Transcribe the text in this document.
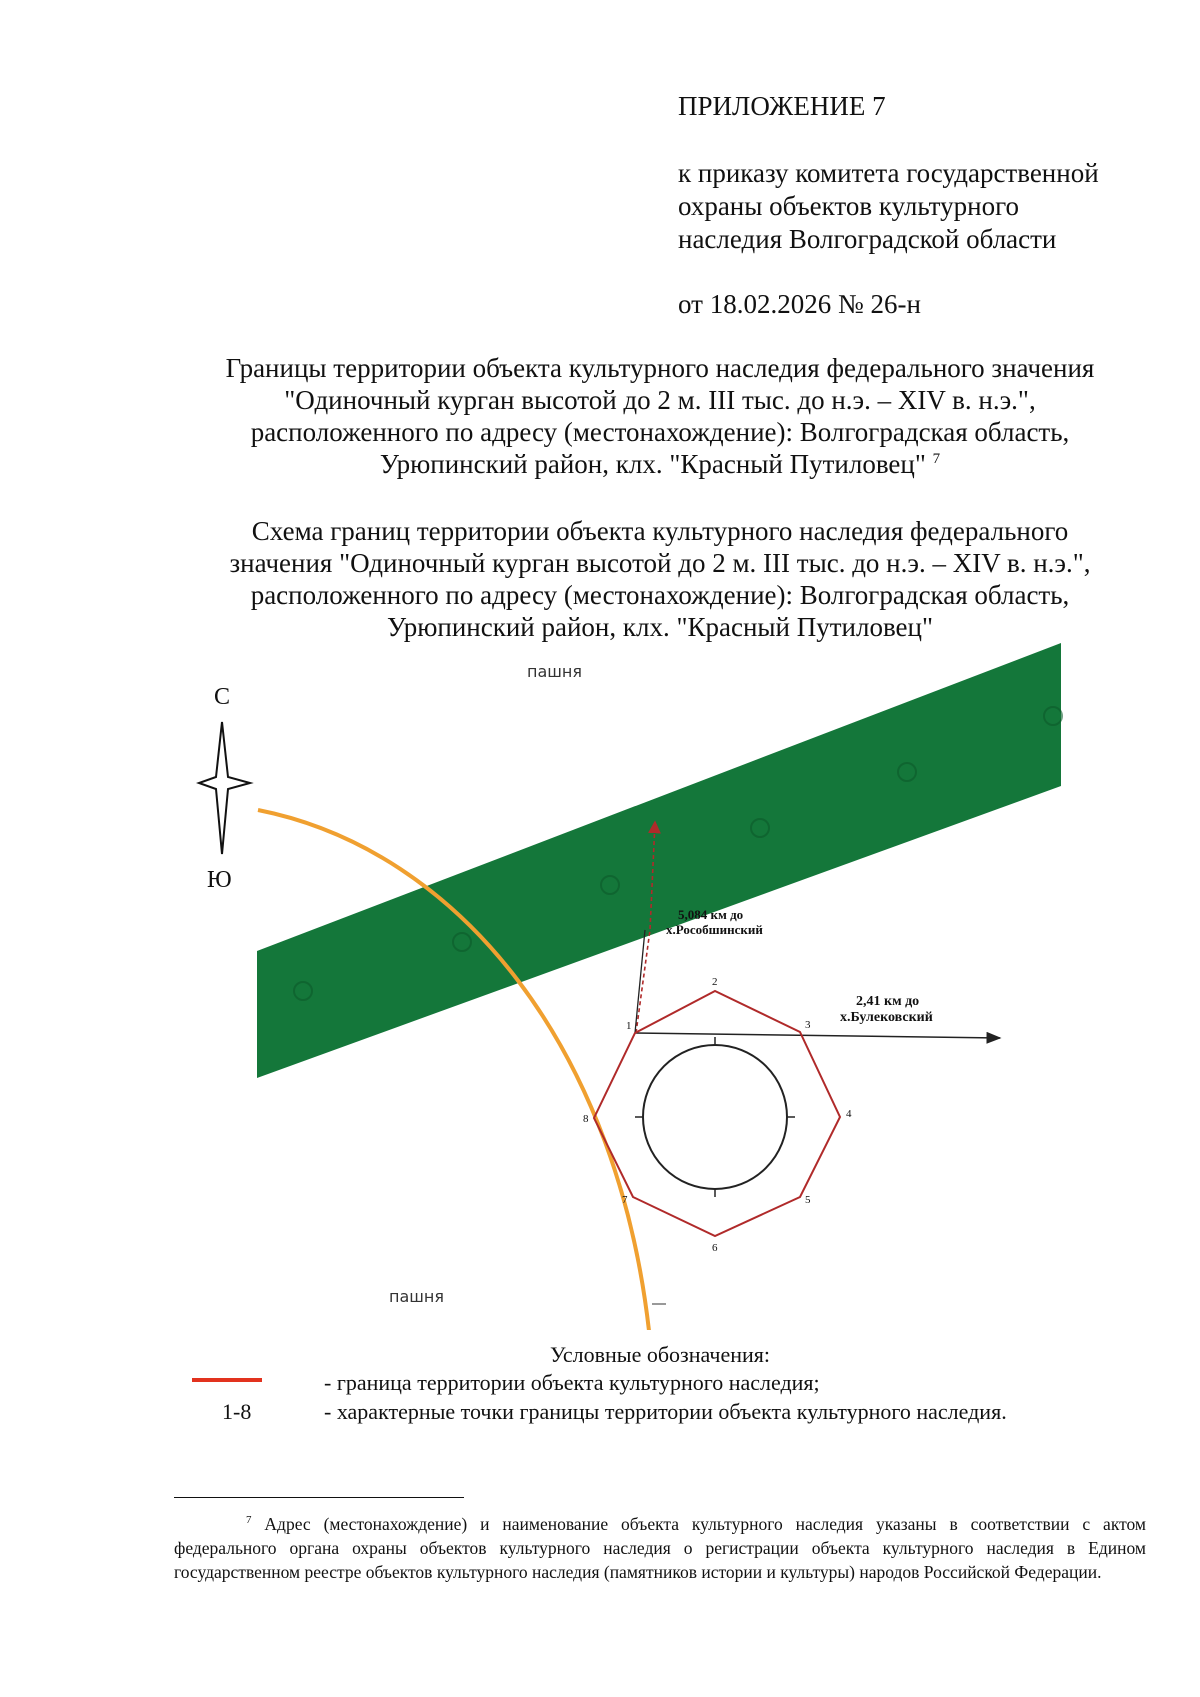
ПРИЛОЖЕНИЕ 7
к приказу комитета государственной
охраны объектов культурного
наследия Волгоградской области
от 18.02.2026 № 26-н
Границы территории объекта культурного наследия федерального значения
"Одиночный курган высотой до 2 м. III тыс. до н.э. – XIV в. н.э.",
расположенного по адресу (местонахождение): Волгоградская область,
Урюпинский район, клх. "Красный Путиловец" $^7$
Схема границ территории объекта культурного наследия федерального
значения "Одиночный курган высотой до 2 м. III тыс. до н.э. – XIV в. н.э.",
расположенного по адресу (местонахождение): Волгоградская область,
Урюпинский район, клх. "Красный Путиловец"
пашня
пашня
С
Ю
5,084 км до
х.Рособшинский
2,41 км до
х.Булековский
1
2
3
4
5
6
7
8
Условные обозначения:
- граница территории объекта культурного наследия;
1-8	- характерные точки границы территории объекта культурного наследия.
$^7$ Адрес (местонахождение) и наименование объекта культурного наследия указаны в соответствии с актом федерального органа охраны объектов культурного наследия о регистрации объекта культурного наследия в Едином государственном реестре объектов культурного наследия (памятников истории и культуры) народов Российской Федерации.
